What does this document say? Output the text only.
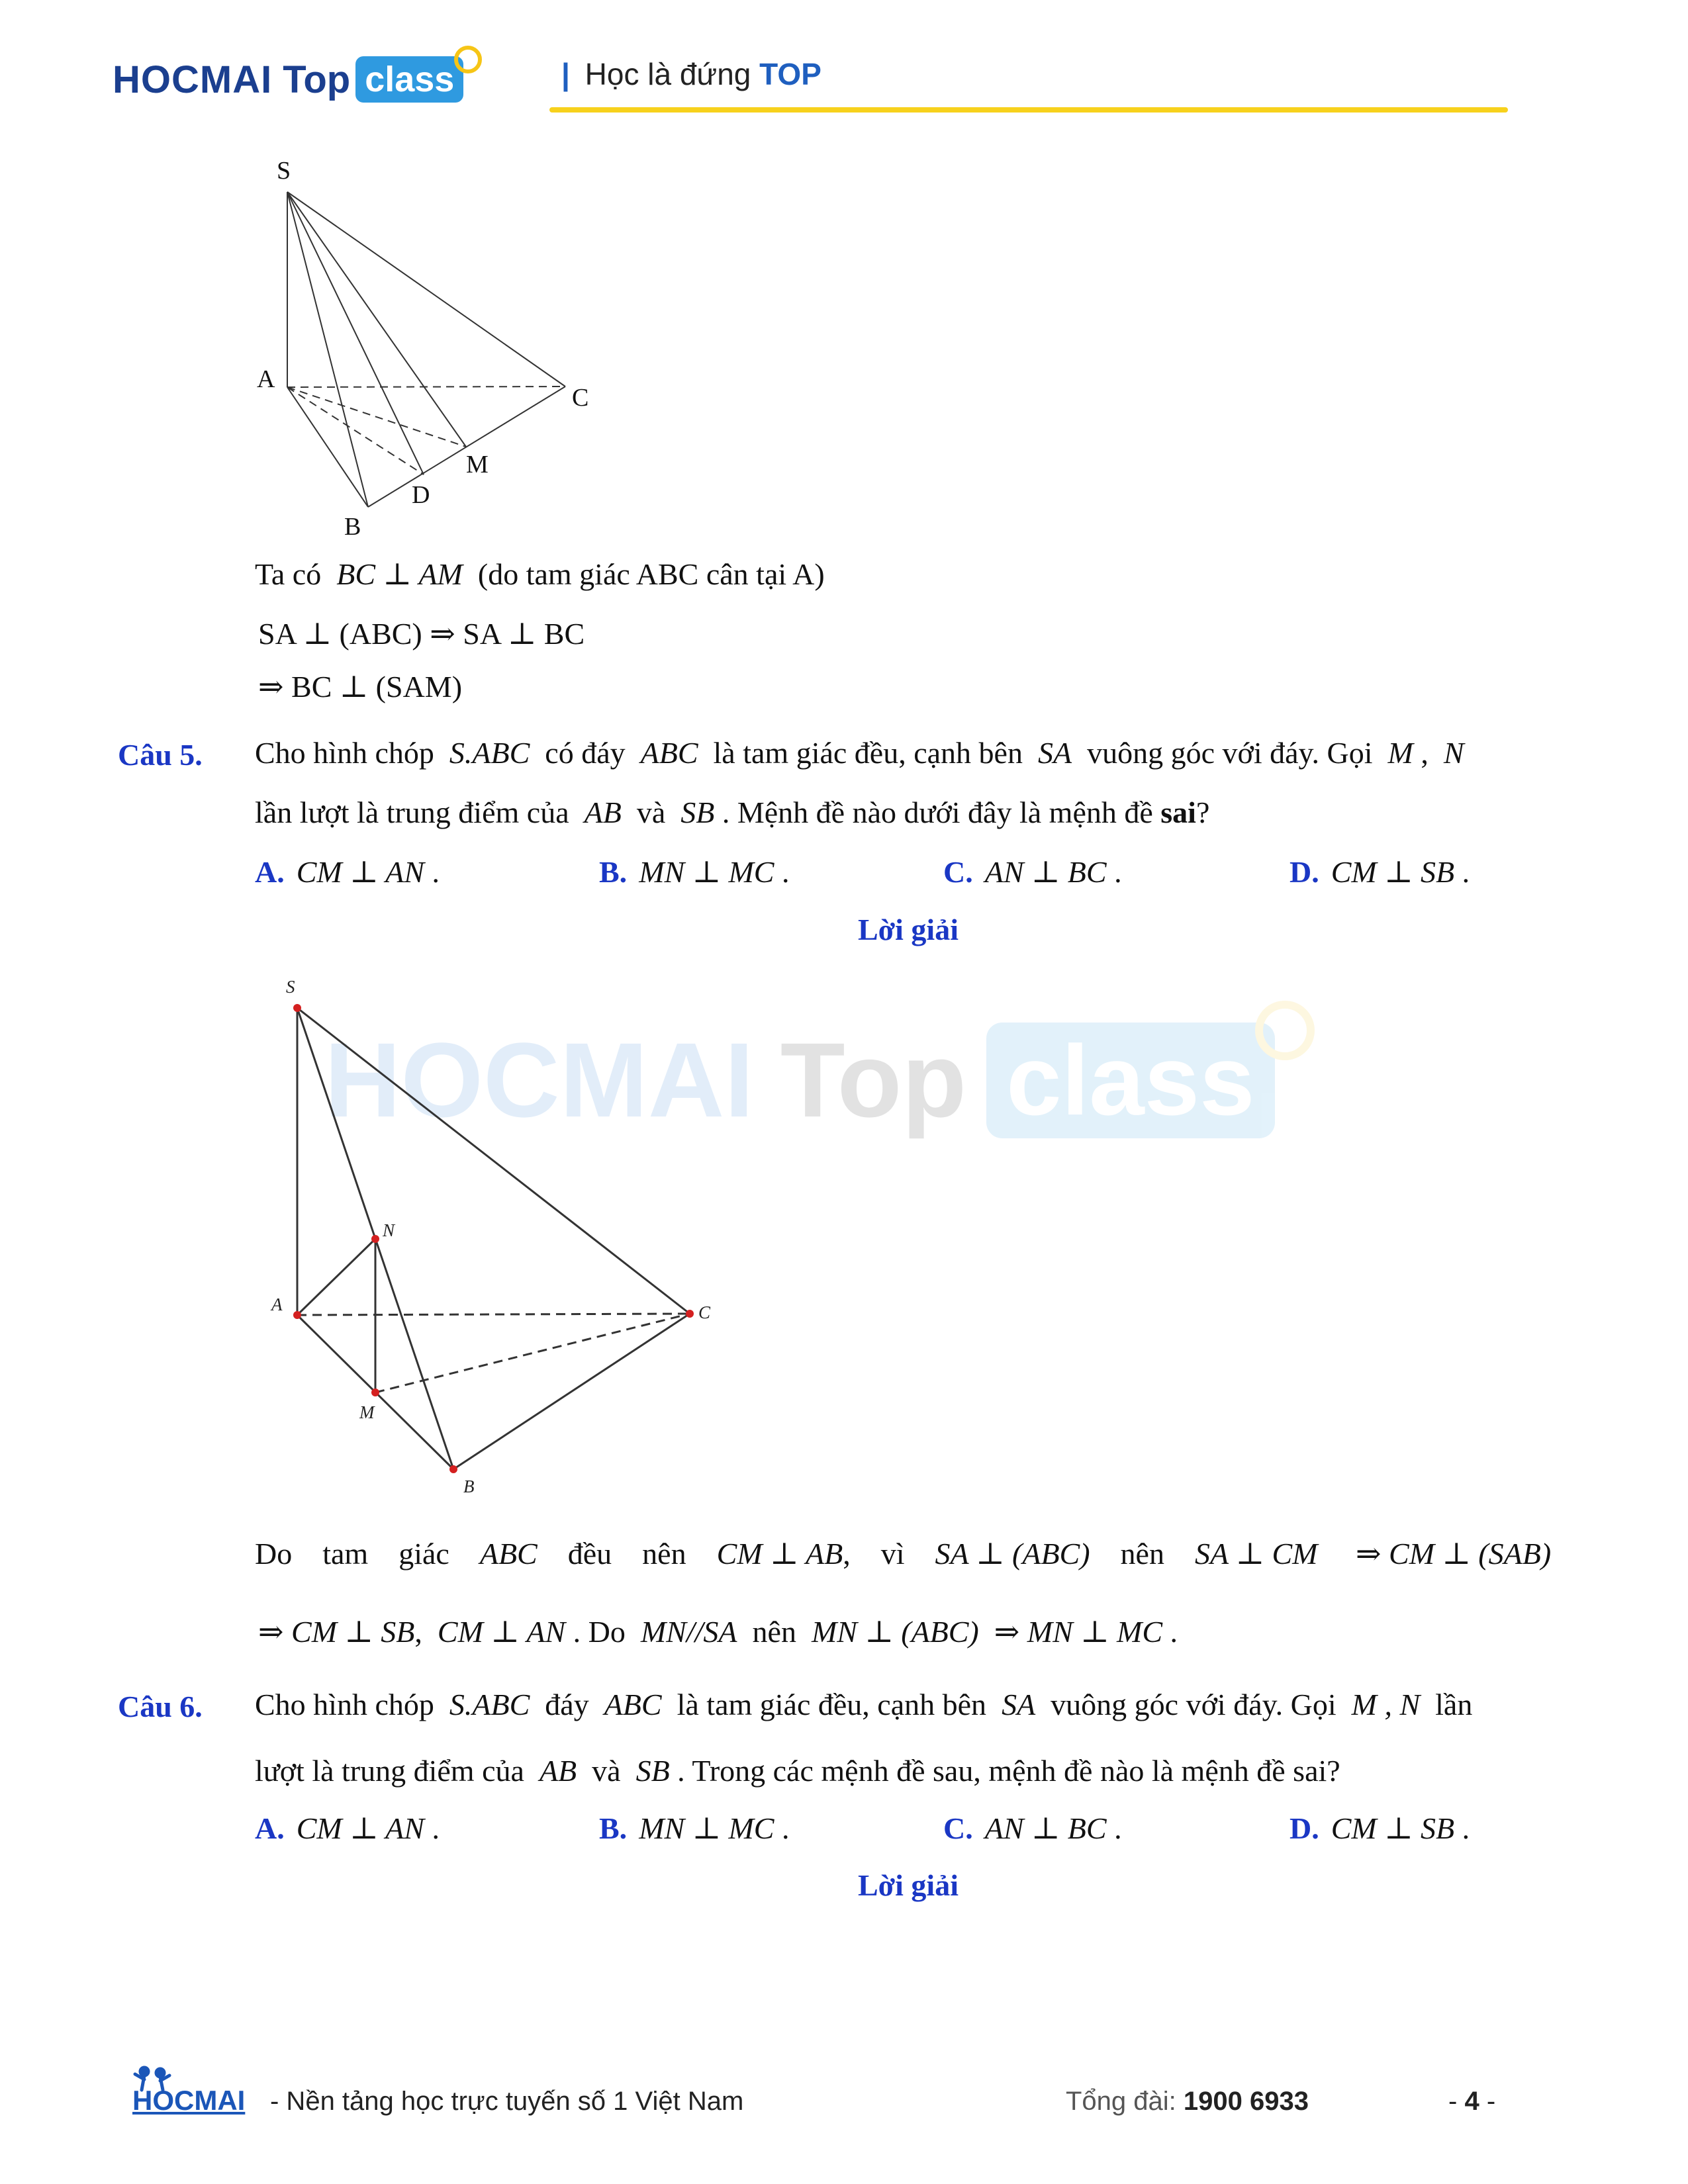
HOCMAI Top class	| Học là đứng TOP
S
A
C
M
D
B
Ta có BC ⊥ AM (do tam giác ABC cân tại A)
SA ⊥ (ABC) ⇒ SA ⊥ BC
⇒ BC ⊥ (SAM)
Câu 5. Cho hình chóp S.ABC có đáy ABC là tam giác đều, cạnh bên SA vuông góc với đáy. Gọi M , N
lần lượt là trung điểm của AB và SB . Mệnh đề nào dưới đây là mệnh đề sai?
A. CM ⊥ AN .	B. MN ⊥ MC .	C. AN ⊥ BC .	D. CM ⊥ SB .
Lời giải
HOCMAI Top class
S
N
A	C
M
B
Do tam giác ABC đều nên CM ⊥ AB, vì SA ⊥ (ABC) nên SA ⊥ CM ⇒ CM ⊥ (SAB)
⇒ CM ⊥ SB, CM ⊥ AN . Do MN//SA nên MN ⊥ (ABC) ⇒ MN ⊥ MC .
Câu 6. Cho hình chóp S.ABC đáy ABC là tam giác đều, cạnh bên SA vuông góc với đáy. Gọi M , N lần
lượt là trung điểm của AB và SB . Trong các mệnh đề sau, mệnh đề nào là mệnh đề sai?
A. CM ⊥ AN .	B. MN ⊥ MC .	C. AN ⊥ BC .	D. CM ⊥ SB .
Lời giải
HOCMAI - Nền tảng học trực tuyến số 1 Việt Nam	Tổng đài: 1900 6933	- 4 -
